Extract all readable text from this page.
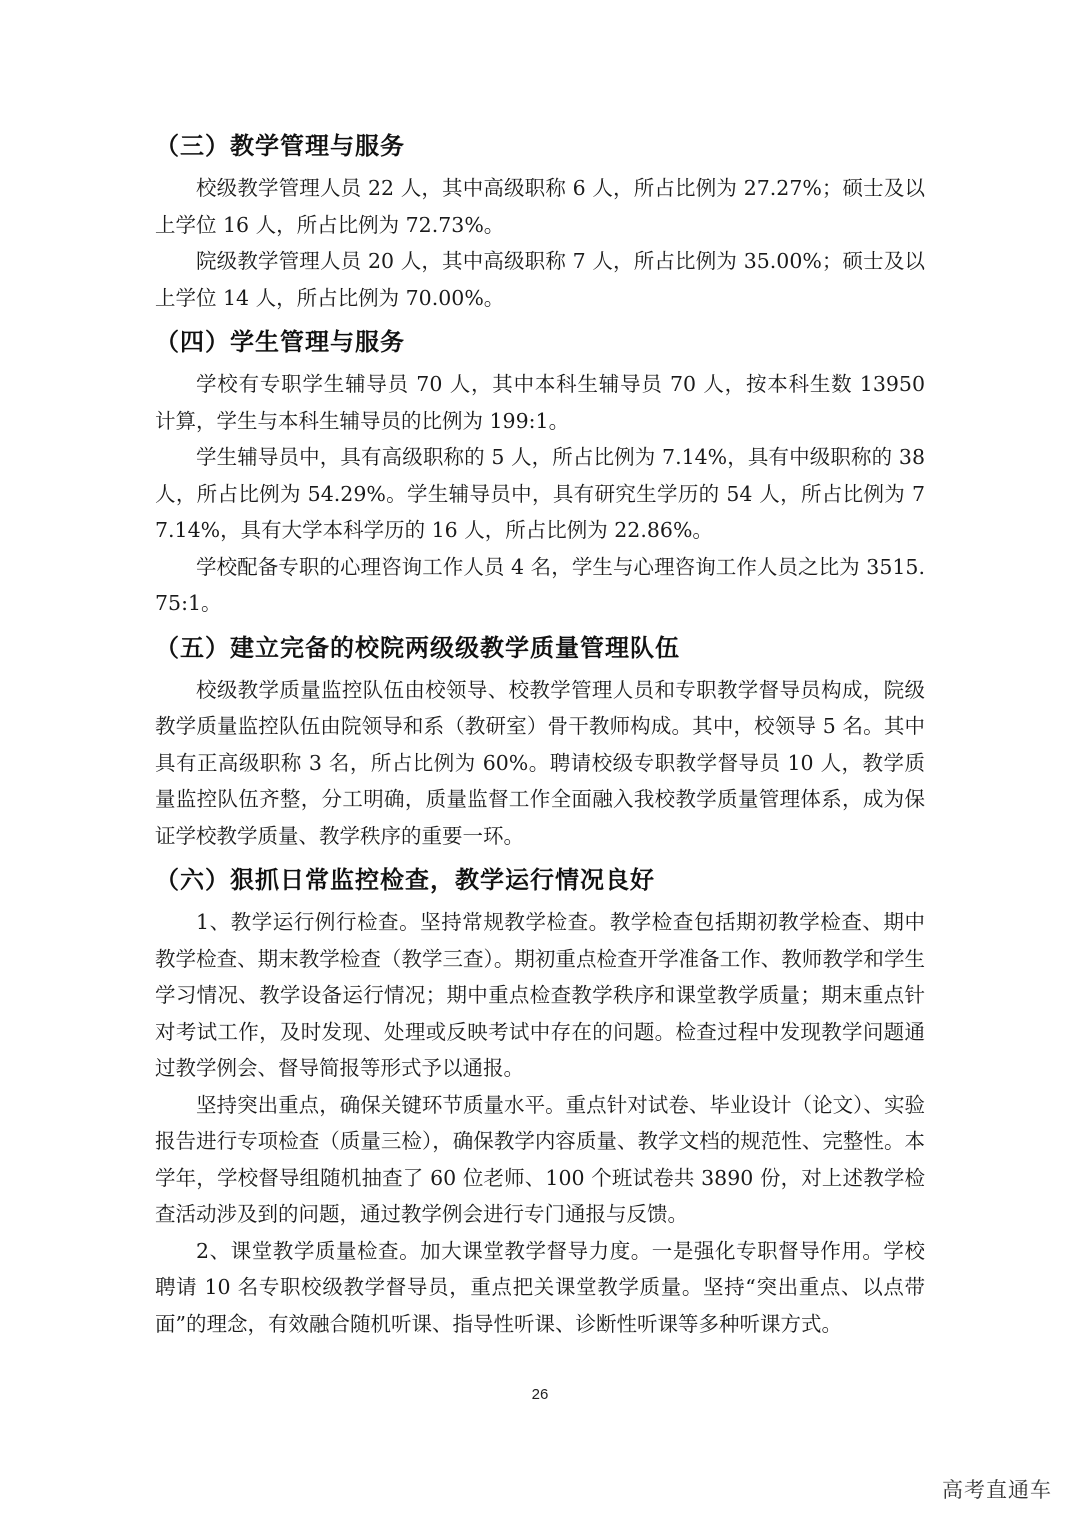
（三）教学管理与服务

校级教学管理人员 22 人，其中高级职称 6 人，所占比例为 27.27%；硕士及以上学位 16 人，所占比例为 72.73%。

院级教学管理人员 20 人，其中高级职称 7 人，所占比例为 35.00%；硕士及以上学位 14 人，所占比例为 70.00%。

（四）学生管理与服务

学校有专职学生辅导员 70 人，其中本科生辅导员 70 人，按本科生数 13950 计算，学生与本科生辅导员的比例为 199:1。

学生辅导员中，具有高级职称的 5 人，所占比例为 7.14%，具有中级职称的 38 人，所占比例为 54.29%。学生辅导员中，具有研究生学历的 54 人，所占比例为 77.14%，具有大学本科学历的 16 人，所占比例为 22.86%。

学校配备专职的心理咨询工作人员 4 名，学生与心理咨询工作人员之比为 3515.75:1。

（五）建立完备的校院两级级教学质量管理队伍

校级教学质量监控队伍由校领导、校教学管理人员和专职教学督导员构成，院级教学质量监控队伍由院领导和系（教研室）骨干教师构成。其中，校领导 5 名。其中具有正高级职称 3 名，所占比例为 60%。聘请校级专职教学督导员 10 人，教学质量监控队伍齐整，分工明确，质量监督工作全面融入我校教学质量管理体系，成为保证学校教学质量、教学秩序的重要一环。

（六）狠抓日常监控检查，教学运行情况良好

1、教学运行例行检查。坚持常规教学检查。教学检查包括期初教学检查、期中教学检查、期末教学检查（教学三查）。期初重点检查开学准备工作、教师教学和学生学习情况、教学设备运行情况；期中重点检查教学秩序和课堂教学质量；期末重点针对考试工作，及时发现、处理或反映考试中存在的问题。检查过程中发现教学问题通过教学例会、督导简报等形式予以通报。

坚持突出重点，确保关键环节质量水平。重点针对试卷、毕业设计（论文）、实验报告进行专项检查（质量三检），确保教学内容质量、教学文档的规范性、完整性。本学年，学校督导组随机抽查了 60 位老师、100 个班试卷共 3890 份，对上述教学检查活动涉及到的问题，通过教学例会进行专门通报与反馈。

2、课堂教学质量检查。加大课堂教学督导力度。一是强化专职督导作用。学校聘请 10 名专职校级教学督导员，重点把关课堂教学质量。坚持“突出重点、以点带面”的理念，有效融合随机听课、指导性听课、诊断性听课等多种听课方式。

26
高考直通车
